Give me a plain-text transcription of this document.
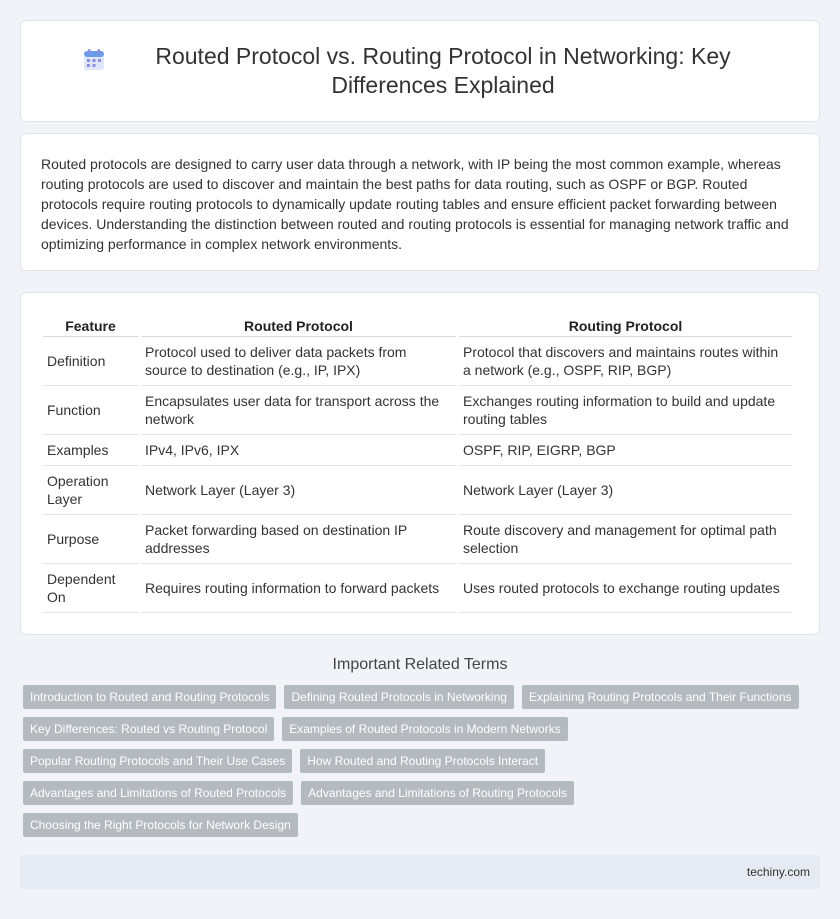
Routed Protocol vs. Routing Protocol in Networking: Key Differences Explained

Routed protocols are designed to carry user data through a network, with IP being the most common example, whereas routing protocols are used to discover and maintain the best paths for data routing, such as OSPF or BGP. Routed protocols require routing protocols to dynamically update routing tables and ensure efficient packet forwarding between devices. Understanding the distinction between routed and routing protocols is essential for managing network traffic and optimizing performance in complex network environments.

Feature	Routed Protocol	Routing Protocol
Definition	Protocol used to deliver data packets from source to destination (e.g., IP, IPX)	Protocol that discovers and maintains routes within a network (e.g., OSPF, RIP, BGP)
Function	Encapsulates user data for transport across the network	Exchanges routing information to build and update routing tables
Examples	IPv4, IPv6, IPX	OSPF, RIP, EIGRP, BGP
Operation Layer	Network Layer (Layer 3)	Network Layer (Layer 3)
Purpose	Packet forwarding based on destination IP addresses	Route discovery and management for optimal path selection
Dependent On	Requires routing information to forward packets	Uses routed protocols to exchange routing updates
Important Related Terms
Introduction to Routed and Routing Protocols	Defining Routed Protocols in Networking	Explaining Routing Protocols and Their Functions
Key Differences: Routed vs Routing Protocol	Examples of Routed Protocols in Modern Networks
Popular Routing Protocols and Their Use Cases	How Routed and Routing Protocols Interact
Advantages and Limitations of Routed Protocols	Advantages and Limitations of Routing Protocols
Choosing the Right Protocols for Network Design
techiny.com
